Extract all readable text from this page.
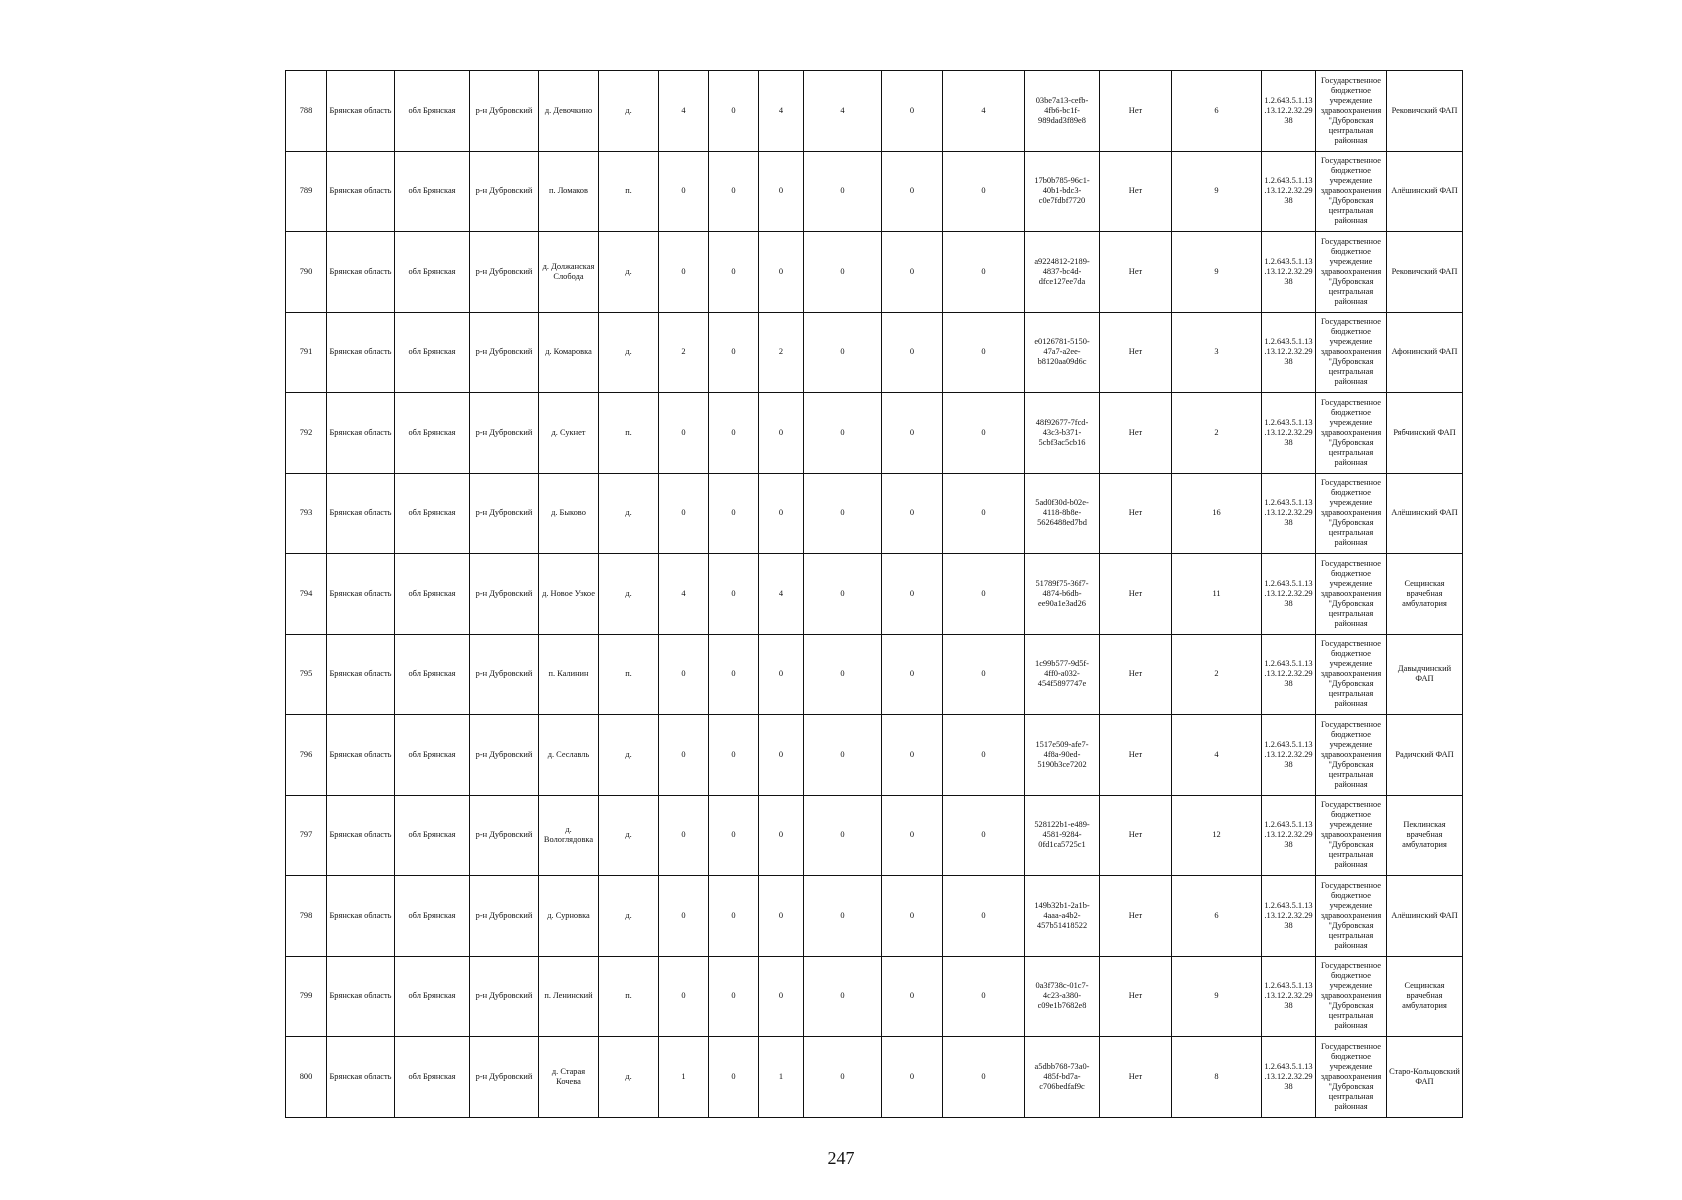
788	Брянская область	обл Брянская	р-н Дубровский	д. Девочкино	д.	4	0	4	4	0	4	03be7a13-cefb-4fb6-bc1f-989dad3f89e8	Нет	6	1.2.643.5.1.13.13.12.2.32.2938	Государственное бюджетное учреждение здравоохранения "Дубровская центральная районная	Рековичский ФАП
789	Брянская область	обл Брянская	р-н Дубровский	п. Ломаков	п.	0	0	0	0	0	0	17b0b785-96c1-40b1-bdc3-c0e7fdbf7720	Нет	9	1.2.643.5.1.13.13.12.2.32.2938	Государственное бюджетное учреждение здравоохранения "Дубровская центральная районная	Алёшинский ФАП
790	Брянская область	обл Брянская	р-н Дубровский	д. Должанская Слобода	д.	0	0	0	0	0	0	a9224812-2189-4837-bc4d-dfce127ee7da	Нет	9	1.2.643.5.1.13.13.12.2.32.2938	Государственное бюджетное учреждение здравоохранения "Дубровская центральная районная	Рековичский ФАП
791	Брянская область	обл Брянская	р-н Дубровский	д. Комаровка	д.	2	0	2	0	0	0	e0126781-5150-47a7-a2ee-b8120aa09d6c	Нет	3	1.2.643.5.1.13.13.12.2.32.2938	Государственное бюджетное учреждение здравоохранения "Дубровская центральная районная	Афонинский ФАП
792	Брянская область	обл Брянская	р-н Дубровский	д. Сукнет	п.	0	0	0	0	0	0	48f92677-7fcd-43c3-b371-5cbf3ac5cb16	Нет	2	1.2.643.5.1.13.13.12.2.32.2938	Государственное бюджетное учреждение здравоохранения "Дубровская центральная районная	Рябчинский ФАП
793	Брянская область	обл Брянская	р-н Дубровский	д. Быково	д.	0	0	0	0	0	0	5ad0f30d-b02e-4118-8b8e-5626488ed7bd	Нет	16	1.2.643.5.1.13.13.12.2.32.2938	Государственное бюджетное учреждение здравоохранения "Дубровская центральная районная	Алёшинский ФАП
794	Брянская область	обл Брянская	р-н Дубровский	д. Новое Узкое	д.	4	0	4	0	0	0	51789f75-36f7-4874-b6db-ee90a1e3ad26	Нет	11	1.2.643.5.1.13.13.12.2.32.2938	Государственное бюджетное учреждение здравоохранения "Дубровская центральная районная	Сещинская врачебная амбулатория
795	Брянская область	обл Брянская	р-н Дубровский	п. Калинин	п.	0	0	0	0	0	0	1c99b577-9d5f-4ff0-a032-454f5897747e	Нет	2	1.2.643.5.1.13.13.12.2.32.2938	Государственное бюджетное учреждение здравоохранения "Дубровская центральная районная	Давыдчинский ФАП
796	Брянская область	обл Брянская	р-н Дубровский	д. Сеславль	д.	0	0	0	0	0	0	1517e509-afe7-4f8a-90ed-5190b3ce7202	Нет	4	1.2.643.5.1.13.13.12.2.32.2938	Государственное бюджетное учреждение здравоохранения "Дубровская центральная районная	Радичский ФАП
797	Брянская область	обл Брянская	р-н Дубровский	д. Вологлядовка	д.	0	0	0	0	0	0	528122b1-e489-4581-9284-0fd1ca5725c1	Нет	12	1.2.643.5.1.13.13.12.2.32.2938	Государственное бюджетное учреждение здравоохранения "Дубровская центральная районная	Пеклинская врачебная амбулатория
798	Брянская область	обл Брянская	р-н Дубровский	д. Сурновка	д.	0	0	0	0	0	0	149b32b1-2a1b-4aaa-a4b2-457b51418522	Нет	6	1.2.643.5.1.13.13.12.2.32.2938	Государственное бюджетное учреждение здравоохранения "Дубровская центральная районная	Алёшинский ФАП
799	Брянская область	обл Брянская	р-н Дубровский	п. Ленинский	п.	0	0	0	0	0	0	0a3f738c-01c7-4c23-a380-c09e1b7682e8	Нет	9	1.2.643.5.1.13.13.12.2.32.2938	Государственное бюджетное учреждение здравоохранения "Дубровская центральная районная	Сещинская врачебная амбулатория
800	Брянская область	обл Брянская	р-н Дубровский	д. Старая Кочева	д.	1	0	1	0	0	0	a5dbb768-73a0-485f-bd7a-c706bedfaf9c	Нет	8	1.2.643.5.1.13.13.12.2.32.2938	Государственное бюджетное учреждение здравоохранения "Дубровская центральная районная	Старо-Кольцовский ФАП
247
